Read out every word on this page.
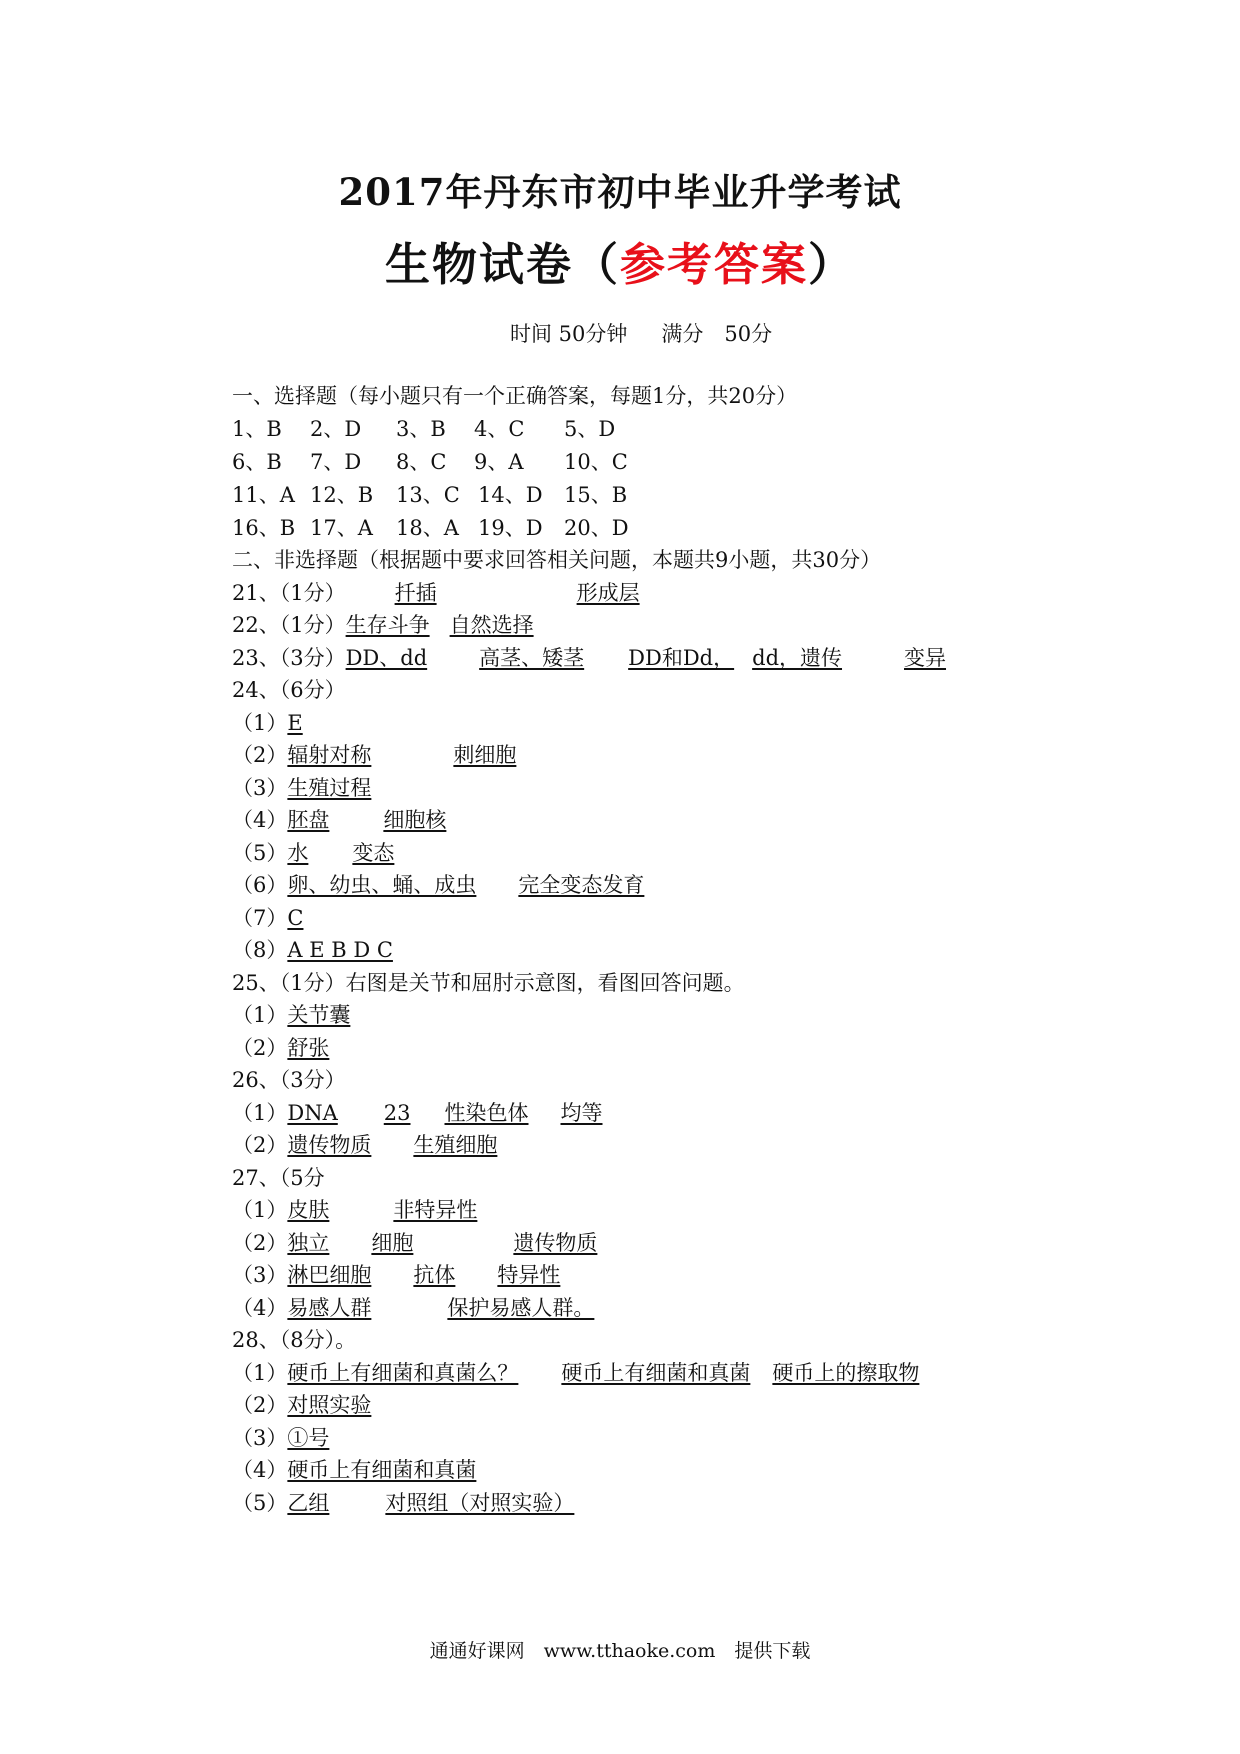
2017年丹东市初中毕业升学考试
生物试卷（参考答案）
时间 50分钟 满分　50分
一、选择题（每小题只有一个正确答案，每题1分，共20分）
1、B 2、D 3、B 4、C 5、D
6、B 7、D 8、C 9、A 10、C
11、A 12、B 13、C 14、D 15、B
16、B 17、A 18、A 19、D 20、D
二、非选择题（根据题中要求回答相关问题，本题共9小题，共30分）
21、（1分） 扦插	形成层
22、（1分）生存斗争 自然选择
23、（3分）DD、dd 高茎、矮茎 DD和Dd， dd，遗传	变异
24、（6分）
（1）E
（2）辐射对称	刺细胞
（3）生殖过程
（4）胚盘	细胞核
（5）水 变态
（6）卵、幼虫、蛹、成虫 完全变态发育
（7）C
（8）A E B D C
25、（1分）右图是关节和屈肘示意图，看图回答问题。
（1）关节囊
（2）舒张
26、（3分）
（1）DNA 23 性染色体 均等
（2）遗传物质 生殖细胞
27、（5分
（1）皮肤	非特异性
（2）独立 细胞	遗传物质
（3）淋巴细胞 抗体 特异性
（4）易感人群	保护易感人群。
28、（8分）。
（1）硬币上有细菌和真菌么？ 硬币上有细菌和真菌 硬币上的擦取物
（2）对照实验
（3）①号
（4）硬币上有细菌和真菌
（5）乙组	对照组（对照实验）
通通好课网　www.tthaoke.com　提供下载
